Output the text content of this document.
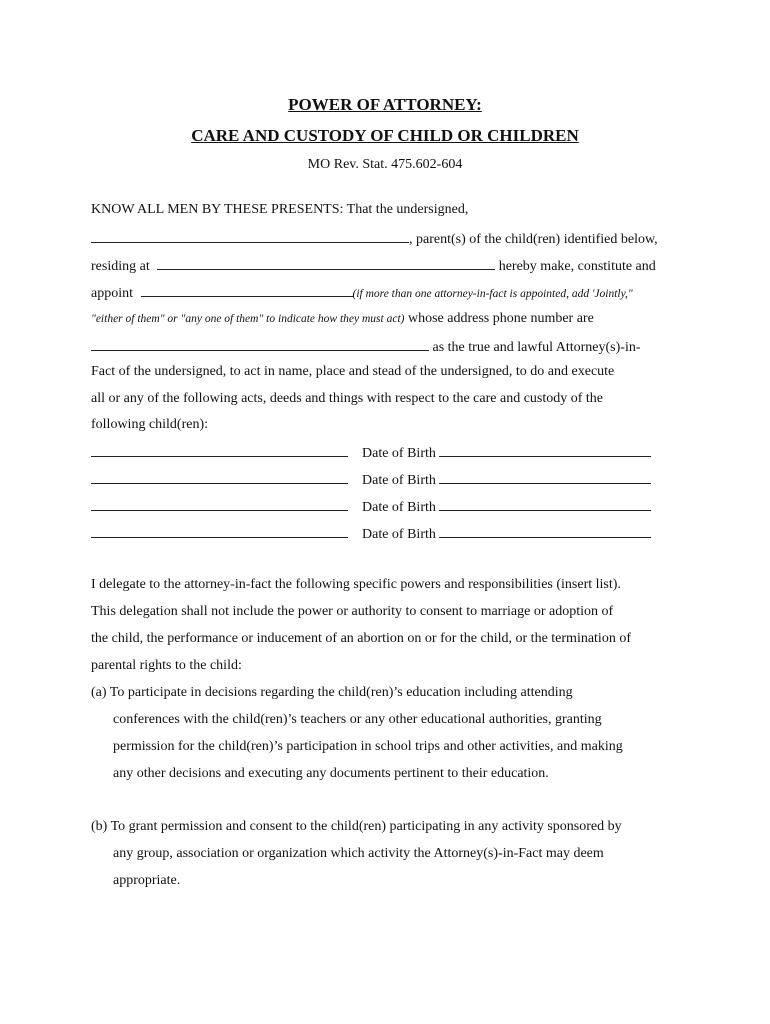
POWER OF ATTORNEY:
CARE AND CUSTODY OF CHILD OR CHILDREN
MO Rev. Stat. 475.602-604
KNOW ALL MEN BY THESE PRESENTS: That the undersigned,
, parent(s) of the child(ren) identified below,
residing at	hereby make, constitute and
appoint	(if more than one attorney-in-fact is appointed, add 'Jointly,"
"either of them" or "any one of them" to indicate how they must act) whose address phone number are
as the true and lawful Attorney(s)-in-
Fact of the undersigned, to act in name, place and stead of the undersigned, to do and execute
all or any of the following acts, deeds and things with respect to the care and custody of the
following child(ren):
Date of Birth
Date of Birth
Date of Birth
Date of Birth
I delegate to the attorney-in-fact the following specific powers and responsibilities (insert list).
This delegation shall not include the power or authority to consent to marriage or adoption of
the child, the performance or inducement of an abortion on or for the child, or the termination of
parental rights to the child:
(a) To participate in decisions regarding the child(ren)’s education including attending
conferences with the child(ren)’s teachers or any other educational authorities, granting
permission for the child(ren)’s participation in school trips and other activities, and making
any other decisions and executing any documents pertinent to their education.
(b) To grant permission and consent to the child(ren) participating in any activity sponsored by
any group, association or organization which activity the Attorney(s)-in-Fact may deem
appropriate.
